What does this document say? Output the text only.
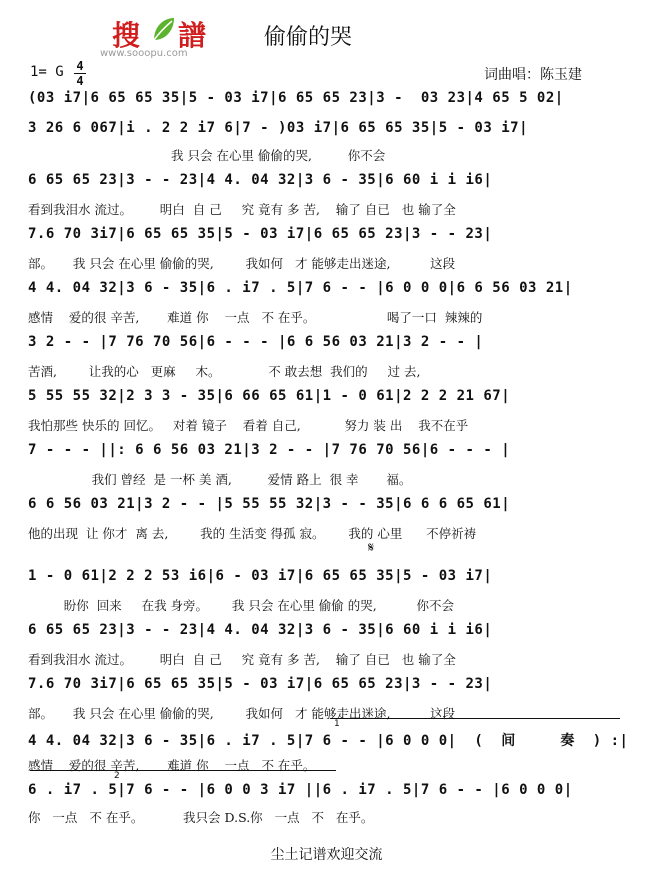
搜 譜
www.sooopu.com
偷偷的哭
1= G 4
4	词曲唱：陈玉建
𝄋
(03 i7|6 65 65 35|5 - 03 i7|6 65 65 23|3 -  03 23|4 65 5 02|
3 26 6 067|i . 2 2 i7 6|7 - )03 i7|6 65 65 35|5 - 03 i7|
我 只会 在心里 偷偷的哭,         你不会
6 65 65 23|3 - - 23|4 4. 04 32|3 6 - 35|6 60 i i i6|
看到我泪水 流过。       明白  自 己     究 竟有 多 苦,    输了 自已   也 输了全
7.6 70 3i7|6 65 65 35|5 - 03 i7|6 65 65 23|3 - - 23|
部。     我 只会 在心里 偷偷的哭,        我如何   才 能够走出迷途,          这段
4 4. 04 32|3 6 - 35|6 . i7 . 5|7 6 - - |6 0 0 0|6 6 56 03 21|
感情    爱的很 辛苦,       难道 你    一点   不 在乎。                  喝了一口  辣辣的
3 2 - - |7 76 70 56|6 - - - |6 6 56 03 21|3 2 - - |
苦酒,        让我的心   更麻     木。            不 敢去想  我们的     过 去,
5 55 55 32|2 3 3 - 35|6 66 65 61|1 - 0 61|2 2 2 21 67|
我怕那些 快乐的 回忆。   对着 镜子    看着 自己,           努力 装 出    我不在乎
7 - - - ||: 6 6 56 03 21|3 2 - - |7 76 70 56|6 - - - |
我们 曾经  是 一杯 美 酒,         爱情 路上  很 幸       福。
6 6 56 03 21|3 2 - - |5 55 55 32|3 - - 35|6 6 6 65 61|
他的出现  让 你才  离 去,        我的 生活变 得孤 寂。      我的 心里      不停祈祷
1 - 0 61|2 2 2 53 i6|6 - 03 i7|6 65 65 35|5 - 03 i7|
盼你  回来     在我 身旁。      我 只会 在心里 偷偷 的哭,          你不会
6 65 65 23|3 - - 23|4 4. 04 32|3 6 - 35|6 60 i i i6|
看到我泪水 流过。       明白  自 己     究 竟有 多 苦,    输了 自已   也 输了全
7.6 70 3i7|6 65 65 35|5 - 03 i7|6 65 65 23|3 - - 23|
部。     我 只会 在心里 偷偷的哭,        我如何   才 能够走出迷途,          这段
4 4. 04 32|3 6 - 35|6 . i7 . 5|7 6 - - |6 0 0 0|  (  间     奏  ) :|
感情    爱的很 辛苦,       难道 你    一点   不 在乎。
6 . i7 . 5|7 6 - - |6 0 0 3 i7 ||6 . i7 . 5|7 6 - - |6 0 0 0|
你   一点   不 在乎。          我只会 D.S.你   一点   不   在乎。
1
2
尘土记谱欢迎交流
